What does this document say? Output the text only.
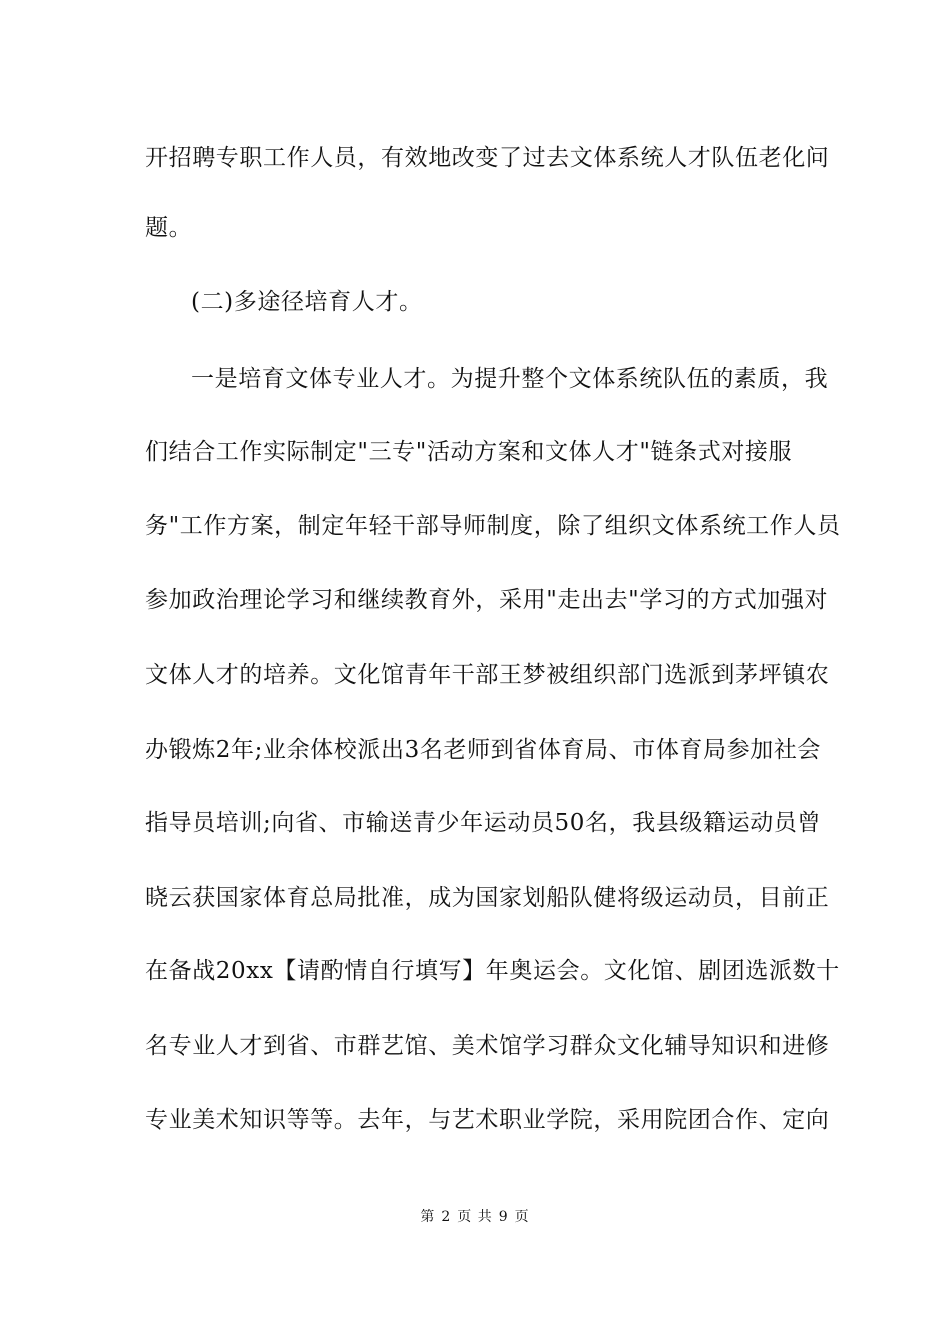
开招聘专职工作人员，有效地改变了过去文体系统人才队伍老化问
题。
(二)多途径培育人才。
一是培育文体专业人才。为提升整个文体系统队伍的素质，我
们结合工作实际制定"三专"活动方案和文体人才"链条式对接服
务"工作方案，制定年轻干部导师制度，除了组织文体系统工作人员
参加政治理论学习和继续教育外，采用"走出去"学习的方式加强对
文体人才的培养。文化馆青年干部王梦被组织部门选派到茅坪镇农
办锻炼2年;业余体校派出3名老师到省体育局、市体育局参加社会
指导员培训;向省、市输送青少年运动员50名，我县级籍运动员曾
晓云获国家体育总局批准，成为国家划船队健将级运动员，目前正
在备战20xx【请酌情自行填写】年奥运会。文化馆、剧团选派数十
名专业人才到省、市群艺馆、美术馆学习群众文化辅导知识和进修
专业美术知识等等。去年，与艺术职业学院，采用院团合作、定向
第 2 页 共 9 页
